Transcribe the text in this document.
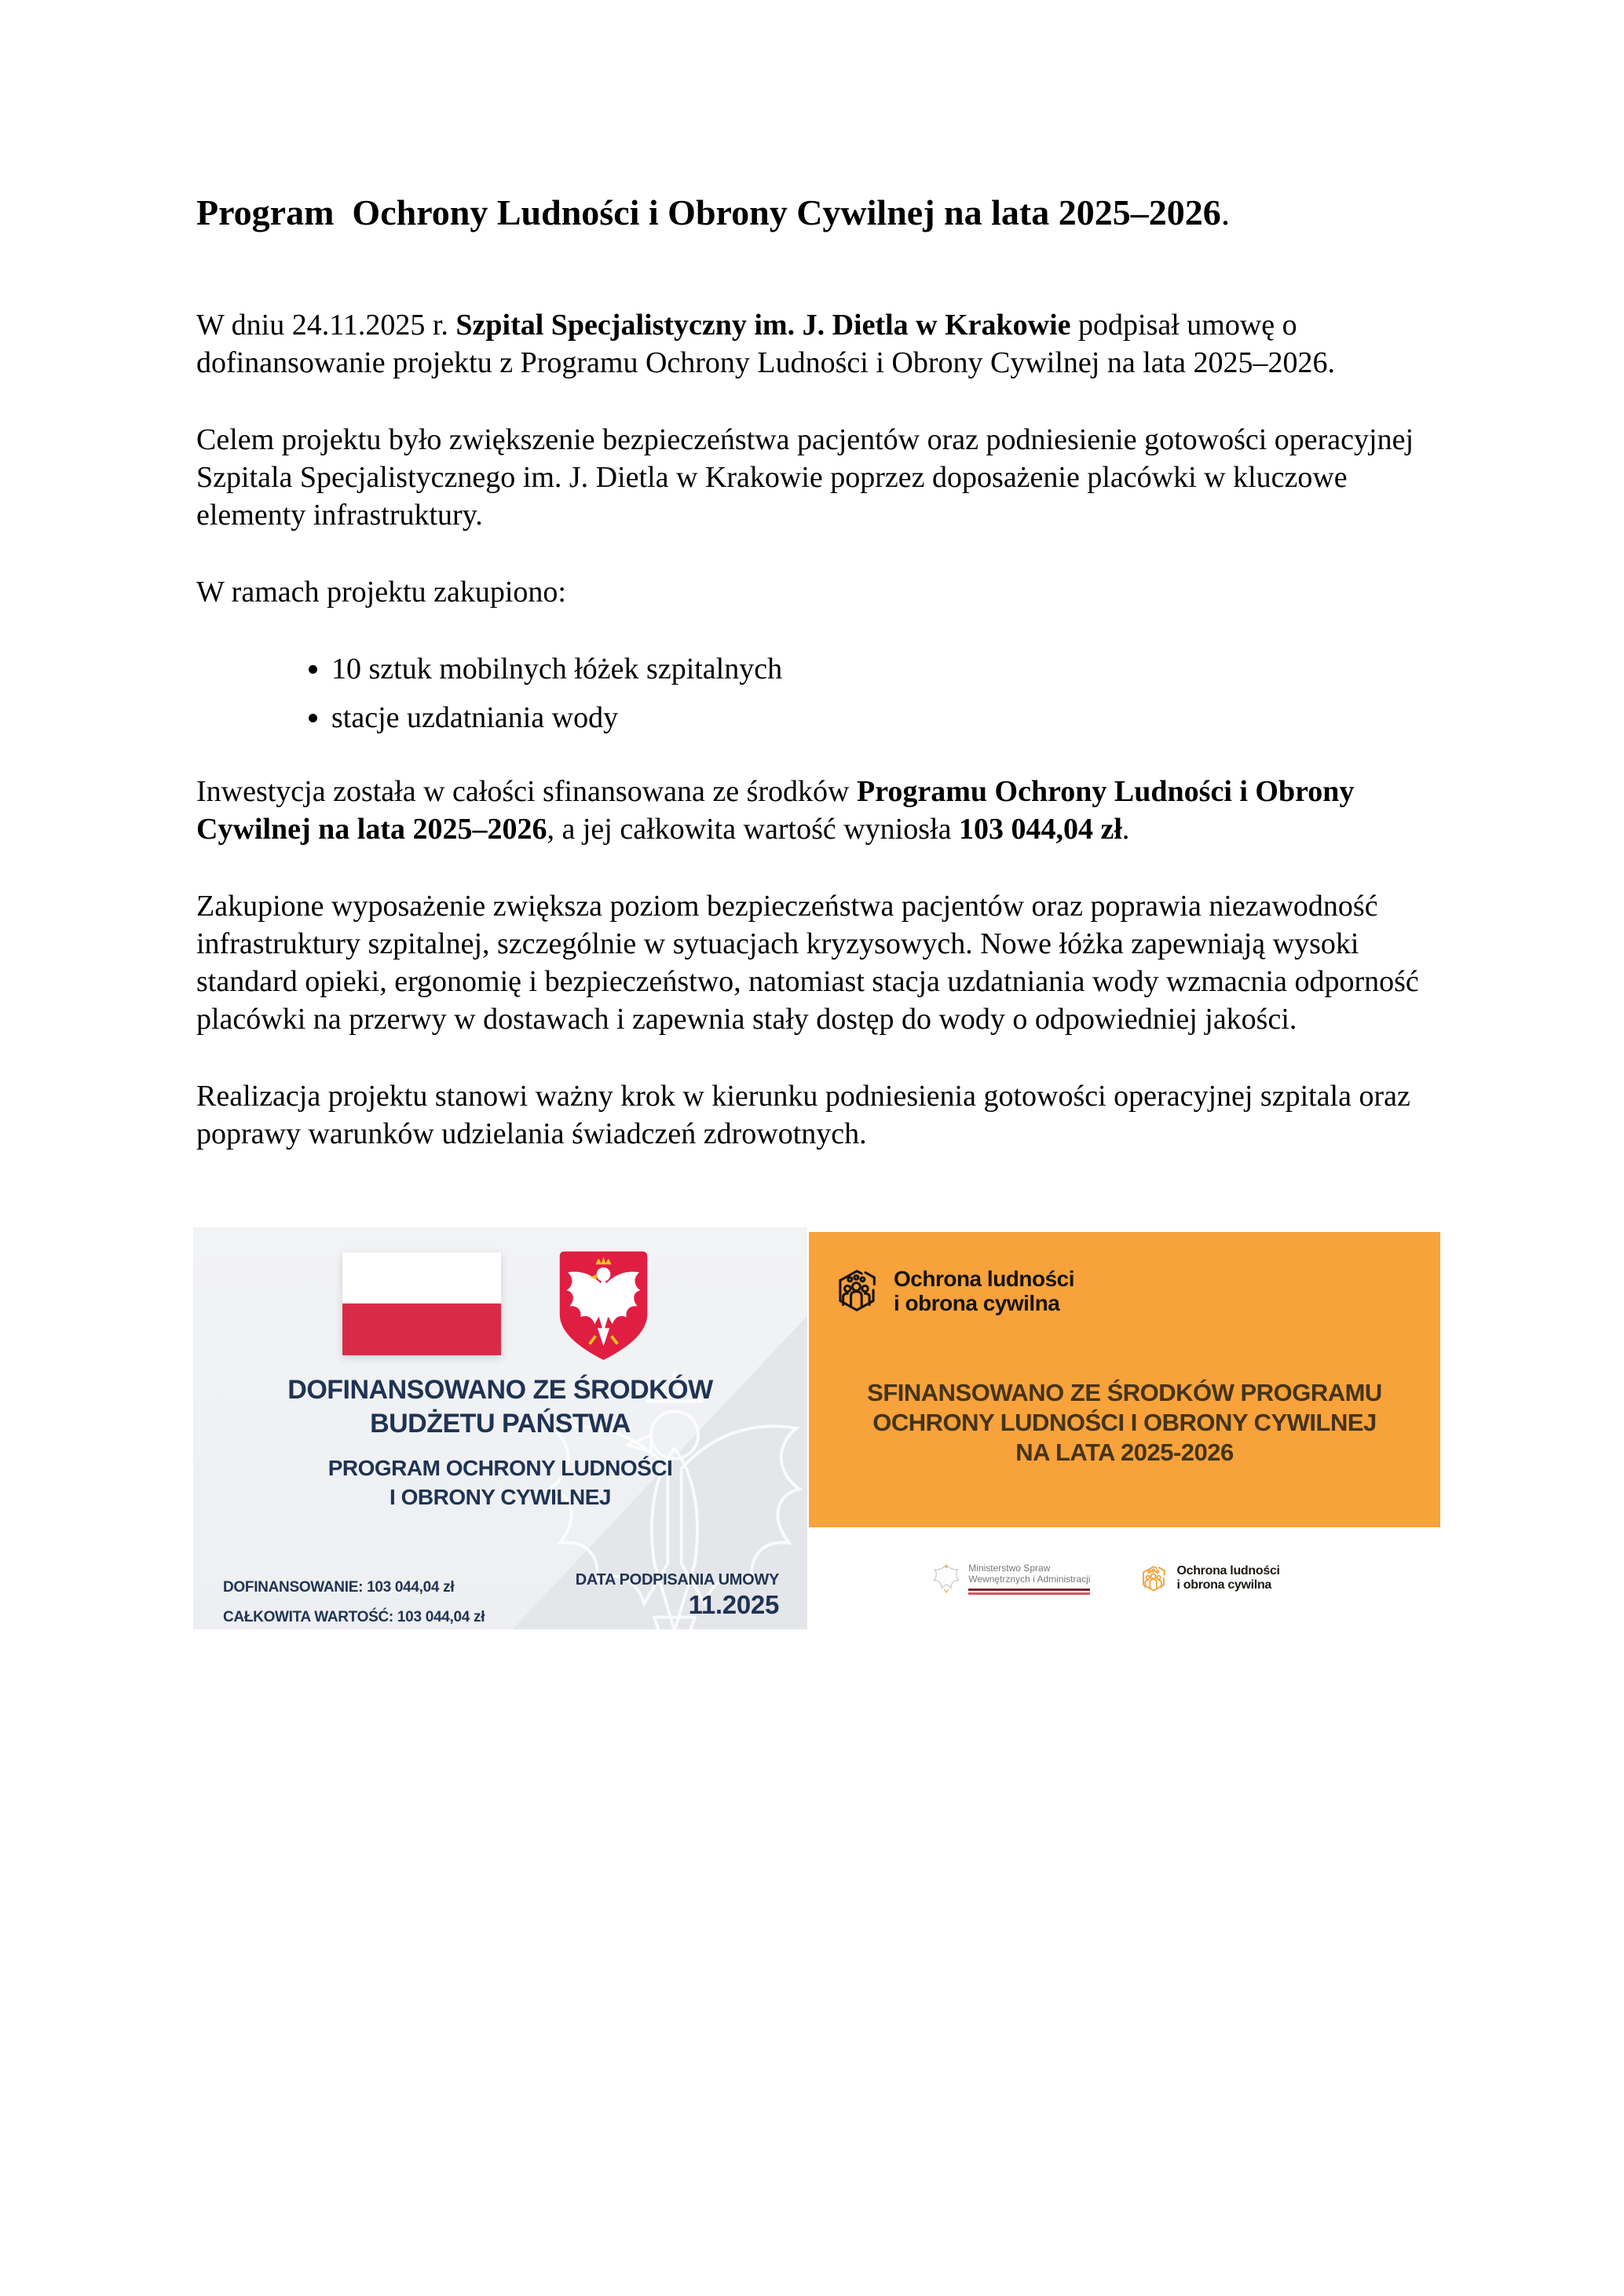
Program  Ochrony Ludności i Obrony Cywilnej na lata 2025–2026.

W dniu 24.11.2025 r. Szpital Specjalistyczny im. J. Dietla w Krakowie podpisał umowę o dofinansowanie projektu z Programu Ochrony Ludności i Obrony Cywilnej na lata 2025–2026.

Celem projektu było zwiększenie bezpieczeństwa pacjentów oraz podniesienie gotowości operacyjnej Szpitala Specjalistycznego im. J. Dietla w Krakowie poprzez doposażenie placówki w kluczowe elementy infrastruktury.

W ramach projektu zakupiono:

• 10 sztuk mobilnych łóżek szpitalnych
• stacje uzdatniania wody

Inwestycja została w całości sfinansowana ze środków Programu Ochrony Ludności i Obrony Cywilnej na lata 2025–2026, a jej całkowita wartość wyniosła 103 044,04 zł.

Zakupione wyposażenie zwiększa poziom bezpieczeństwa pacjentów oraz poprawia niezawodność infrastruktury szpitalnej, szczególnie w sytuacjach kryzysowych. Nowe łóżka zapewniają wysoki standard opieki, ergonomię i bezpieczeństwo, natomiast stacja uzdatniania wody wzmacnia odporność placówki na przerwy w dostawach i zapewnia stały dostęp do wody o odpowiedniej jakości.

Realizacja projektu stanowi ważny krok w kierunku podniesienia gotowości operacyjnej szpitala oraz poprawy warunków udzielania świadczeń zdrowotnych.

DOFINANSOWANO ZE ŚRODKÓW
BUDŻETU PAŃSTWA
PROGRAM OCHRONY LUDNOŚCI
I OBRONY CYWILNEJ
DOFINANSOWANIE: 103 044,04 zł
CAŁKOWITA WARTOŚĆ: 103 044,04 zł
DATA PODPISANIA UMOWY
11.2025
Ochrona ludności
i obrona cywilna
SFINANSOWANO ZE ŚRODKÓW PROGRAMU
OCHRONY LUDNOŚCI I OBRONY CYWILNEJ
NA LATA 2025-2026
Ministerstwo Spraw
Wewnętrznych i Administracji
Ochrona ludności
i obrona cywilna
